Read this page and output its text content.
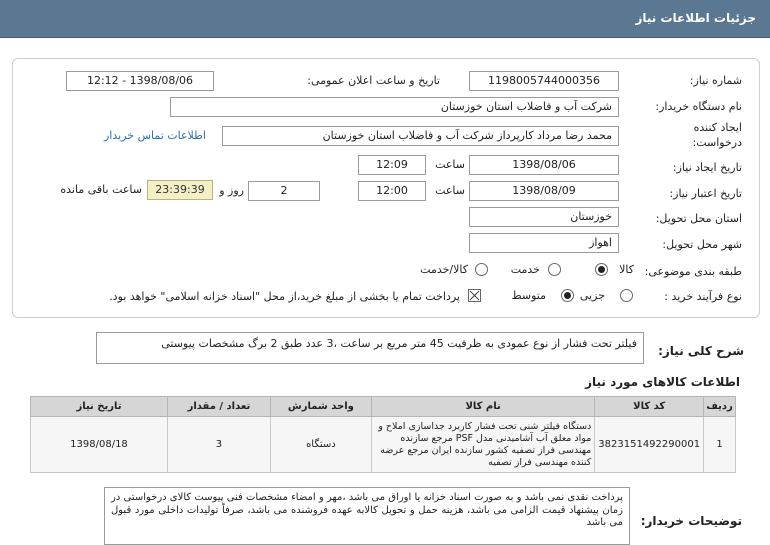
جزئیات اطلاعات نیاز
شماره نیاز:
1198005744000356
تاریخ و ساعت اعلان عمومی:
1398/08/06 - 12:12
نام دستگاه خریدار:
شرکت آب و فاضلاب استان خوزستان
ایجاد کننده
درخواست:
محمد رضا مرداد کارپرداز شرکت آب و فاضلاب استان خوزستان
اطلاعات تماس خریدار
تاریخ ایجاد نیاز:
1398/08/06
ساعت
12:09
تاریخ اعتبار نیاز:
1398/08/09
ساعت
12:00
2
روز و
23:39:39
ساعت باقی مانده
استان محل تحویل:
خوزستان
شهر محل تحویل:
اهواز
طبقه بندی موضوعی:
کالا
خدمت
کالا/خدمت
نوع فرآیند خرید :
جزیی
متوسط
پرداخت تمام یا بخشی از مبلغ خرید،از محل "اسناد خزانه اسلامی" خواهد بود.
شرح کلی نیاز:
فیلتر تحت فشار از نوع عمودی به ظرفیت 45 متر مربع بر ساعت ،3 عدد طبق 2 برگ مشخصات پیوستی
اطلاعات کالاهای مورد نیاز
ردیف	کد کالا	نام کالا	واحد شمارش	تعداد / مقدار	تاریخ نیاز
1	3823151492290001	دستگاه فیلتر شنی تحت فشار کاربرد جداسازی املاح و مواد معلق آب آشامیدنی مدل PSF مرجع سازنده مهندسی فراز تصفیه کشور سازنده ایران مرجع عرضه کننده مهندسی فراز تصفیه	دستگاه	3	1398/08/18
توضیحات خریدار:
پرداخت نقدی نمی باشد و به صورت اسناد خزانه یا اوراق می باشد ،مهر و امضاء مشخصات فنی پیوست کالای درخواستی در زمان پیشنهاد قیمت الزامی می باشد، هزینه حمل و تحویل کالابه عهده فروشنده می باشد، صرفاً تولیدات داخلی مورد قبول می باشد
